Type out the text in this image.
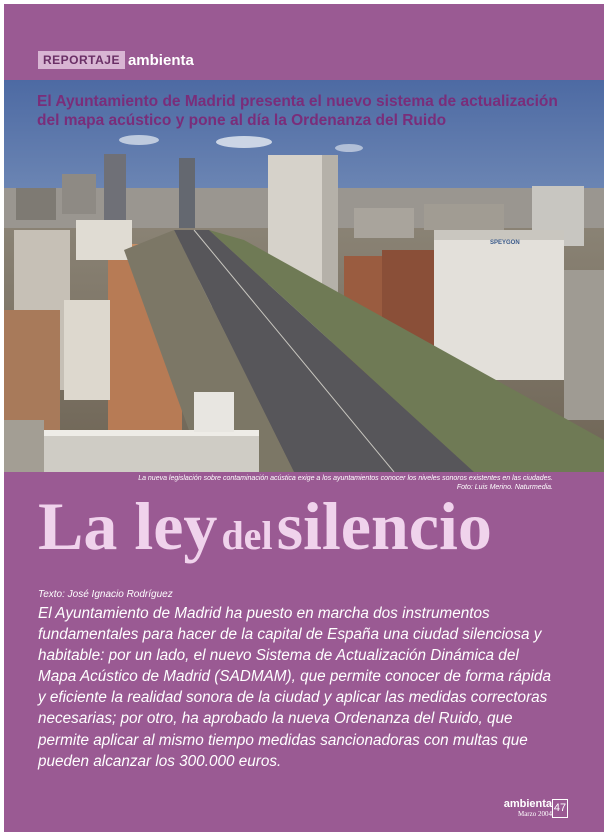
REPORTAJE ambienta
SPEYGON
El Ayuntamiento de Madrid presenta el nuevo sistema de actualización del mapa acústico y pone al día la Ordenanza del Ruido
La nueva legislación sobre contaminación acústica exige a los ayuntamientos conocer los niveles sonoros existentes en las ciudades.
Foto: Luis Merino. Naturmedia.
La ley del silencio
Texto: José Ignacio Rodríguez
El Ayuntamiento de Madrid ha puesto en marcha dos instrumentos fundamentales para hacer de la capital de España una ciudad silenciosa y habitable: por un lado, el nuevo Sistema de Actualización Dinámica del Mapa Acústico de Madrid (SADMAM), que permite conocer de forma rápida y eficiente la realidad sonora de la ciudad y aplicar las medidas correctoras necesarias; por otro, ha aprobado la nueva Ordenanza del Ruido, que permite aplicar al mismo tiempo medidas sancionadoras con multas que pueden alcanzar los 300.000 euros.
ambienta
Marzo 2004 47
